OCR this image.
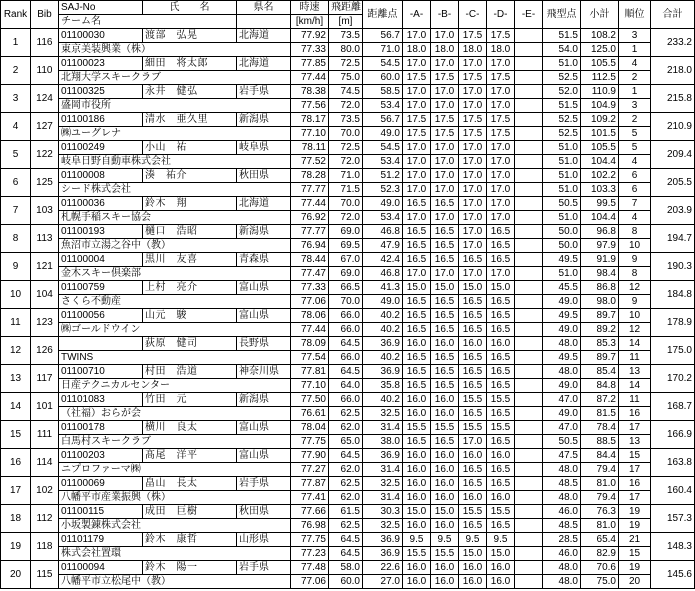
Rank	Bib	SAJ-No	氏　　名	県名	時速	飛距離	距離点	-A-	-B-	-C-	-D-	-E-	飛型点	小計	順位	合計
		チーム名			[km/h]	[m]										
1	116	01100030	渡部　弘晃	北海道	77.92	73.5	56.7	17.0	17.0	17.5	17.5		51.5	108.2	3	233.2
		東京美装興業（株）			77.33	80.0	71.0	18.0	18.0	18.0	18.0		54.0	125.0	1	
2	110	01100023	細田　将太郎	北海道	77.85	72.5	54.5	17.0	17.0	17.0	17.0		51.0	105.5	4	218.0
		北翔大学スキークラブ			77.44	75.0	60.0	17.5	17.5	17.5	17.5		52.5	112.5	2	
3	124	01100325	永井　健弘	岩手県	78.38	74.5	58.5	17.0	17.0	17.0	17.0		52.0	110.9	1	215.8
		盛岡市役所			77.56	72.0	53.4	17.0	17.0	17.0	17.0		51.5	104.9	3	
4	127	01100186	清水　亜久里	新潟県	78.17	73.5	56.7	17.5	17.5	17.5	17.5		52.5	109.2	2	210.9
		㈱ユーグレナ			77.10	70.0	49.0	17.5	17.5	17.5	17.5		52.5	101.5	5	
5	122	01100249	小山　祐	岐阜県	78.11	72.5	54.5	17.0	17.0	17.0	17.0		51.0	105.5	5	209.4
		岐阜日野自動車株式会社			77.52	72.0	53.4	17.0	17.0	17.0	17.0		51.0	104.4	4	
6	125	01100008	湊　祐介	秋田県	78.28	71.0	51.2	17.0	17.0	17.0	17.0		51.0	102.2	6	205.5
		シード株式会社			77.77	71.5	52.3	17.0	17.0	17.0	17.0		51.0	103.3	6	
7	103	01100036	鈴木　翔	北海道	77.44	70.0	49.0	16.5	16.5	17.0	17.0		50.5	99.5	7	203.9
		札幌手稲スキー協会			76.92	72.0	53.4	17.0	17.0	17.0	17.0		51.0	104.4	4	
8	113	01100193	樋口　浩昭	新潟県	77.77	69.0	46.8	16.5	16.5	17.0	16.5		50.0	96.8	8	194.7
		魚沼市立湯之谷中（教）			76.94	69.5	47.9	16.5	16.5	17.0	16.5		50.0	97.9	10	
9	121	01100004	黒川　友喜	青森県	78.44	67.0	42.4	16.5	16.5	16.5	16.5		49.5	91.9	9	190.3
		金木スキー倶楽部			77.47	69.0	46.8	17.0	17.0	17.0	17.0		51.0	98.4	8	
10	104	01100759	上村　亮介	富山県	77.33	66.5	41.3	15.0	15.0	15.0	15.0		45.5	86.8	12	184.8
		さくら不動産			77.06	70.0	49.0	16.5	16.5	16.5	16.5		49.0	98.0	9	
11	123	01100056	山元　駿	富山県	78.06	66.0	40.2	16.5	16.5	16.5	16.5		49.5	89.7	10	178.9
		㈱ゴールドウイン			77.44	66.0	40.2	16.5	16.5	16.5	16.5		49.0	89.2	12	
12	126		荻原　健司	長野県	78.09	64.5	36.9	16.0	16.0	16.0	16.0		48.0	85.3	14	175.0
		TWINS			77.54	66.0	40.2	16.5	16.5	16.5	16.5		49.5	89.7	11	
13	117	01100710	村田　浩道	神奈川県	77.81	64.5	36.9	16.5	16.5	16.5	16.5		48.0	85.4	13	170.2
		日産テクニカルセンター			77.10	64.0	35.8	16.5	16.5	16.5	16.5		49.0	84.8	14	
14	101	01101083	竹田　元	新潟県	77.50	66.0	40.2	16.0	16.0	15.5	15.5		47.0	87.2	11	168.7
		（社福）おらが会			76.61	62.5	32.5	16.0	16.0	16.5	16.5		49.0	81.5	16	
15	111	01100178	横川　良太	富山県	78.04	62.0	31.4	15.5	15.5	15.5	15.5		47.0	78.4	17	166.9
		白馬村スキークラブ			77.75	65.0	38.0	16.5	16.5	17.0	16.5		50.5	88.5	13	
16	114	01100203	髙尾　洋平	富山県	77.90	64.5	36.9	16.0	16.0	16.0	16.0		47.5	84.4	15	163.8
		ニプロファーマ㈱			77.27	62.0	31.4	16.0	16.0	16.5	16.5		48.0	79.4	17	
17	102	01100069	畠山　長太	岩手県	77.87	62.5	32.5	16.0	16.0	16.5	16.5		48.5	81.0	16	160.4
		八幡平市産業振興（株）			77.41	62.0	31.4	16.0	16.0	16.0	16.0		48.0	79.4	17	
18	112	01100115	成田　巨樹	秋田県	77.66	61.5	30.3	15.0	15.0	15.5	15.5		46.0	76.3	19	157.3
		小坂製錬株式会社			76.98	62.5	32.5	16.0	16.0	16.5	16.5		48.5	81.0	19	
19	118	01101179	鈴木　康哲	山形県	77.75	64.5	36.9	9.5	9.5	9.5	9.5		28.5	65.4	21	148.3
		株式会社置環			77.23	64.5	36.9	15.5	15.5	15.0	15.0		46.0	82.9	15	
20	115	01100094	鈴木　陽一	岩手県	77.48	58.0	22.6	16.0	16.0	16.0	16.0		48.0	70.6	19	145.6
		八幡平市立松尾中（教）			77.06	60.0	27.0	16.0	16.0	16.0	16.0		48.0	75.0	20	
